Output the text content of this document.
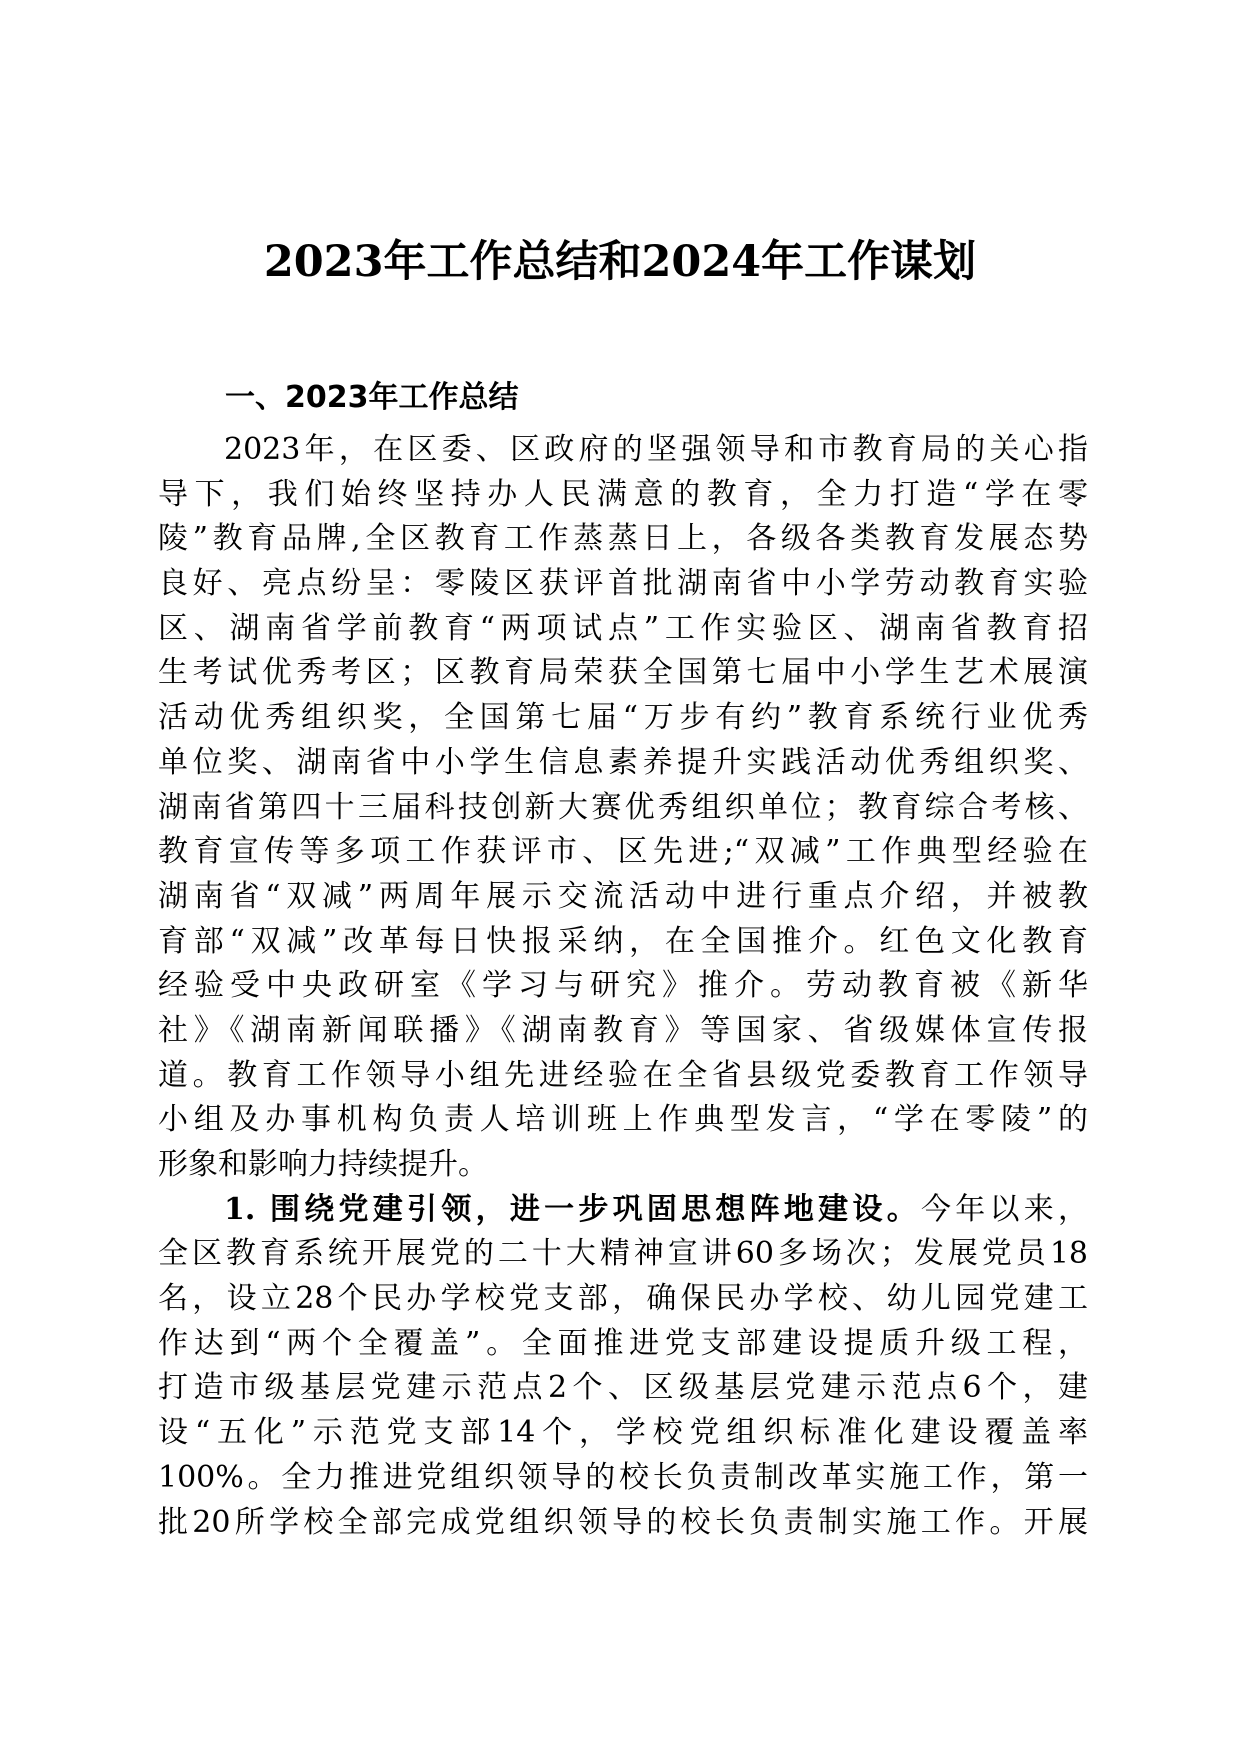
2023年工作总结和2024年工作谋划
一、2023年工作总结
2023年，在区委、区政府的坚强领导和市教育局的关心指
导下，我们始终坚持办人民满意的教育，全力打造“学在零
陵”教育品牌,全区教育工作蒸蒸日上，各级各类教育发展态势
良好、亮点纷呈：零陵区获评首批湖南省中小学劳动教育实验
区、湖南省学前教育“两项试点”工作实验区、湖南省教育招
生考试优秀考区；区教育局荣获全国第七届中小学生艺术展演
活动优秀组织奖，全国第七届“万步有约”教育系统行业优秀
单位奖、湖南省中小学生信息素养提升实践活动优秀组织奖、
湖南省第四十三届科技创新大赛优秀组织单位；教育综合考核、
教育宣传等多项工作获评市、区先进;“双减”工作典型经验在
湖南省“双减”两周年展示交流活动中进行重点介绍，并被教
育部“双减”改革每日快报采纳，在全国推介。红色文化教育
经验受中央政研室《学习与研究》推介。劳动教育被《新华
社》《湖南新闻联播》《湖南教育》等国家、省级媒体宣传报
道。教育工作领导小组先进经验在全省县级党委教育工作领导
小组及办事机构负责人培训班上作典型发言，“学在零陵”的
形象和影响力持续提升。
1. 围绕党建引领，进一步巩固思想阵地建设。今年以来，
全区教育系统开展党的二十大精神宣讲60多场次；发展党员18
名，设立28个民办学校党支部，确保民办学校、幼儿园党建工
作达到“两个全覆盖”。全面推进党支部建设提质升级工程，
打造市级基层党建示范点2个、区级基层党建示范点6个，建
设“五化”示范党支部14个，学校党组织标准化建设覆盖率
100%。全力推进党组织领导的校长负责制改革实施工作，第一
批20所学校全部完成党组织领导的校长负责制实施工作。开展
